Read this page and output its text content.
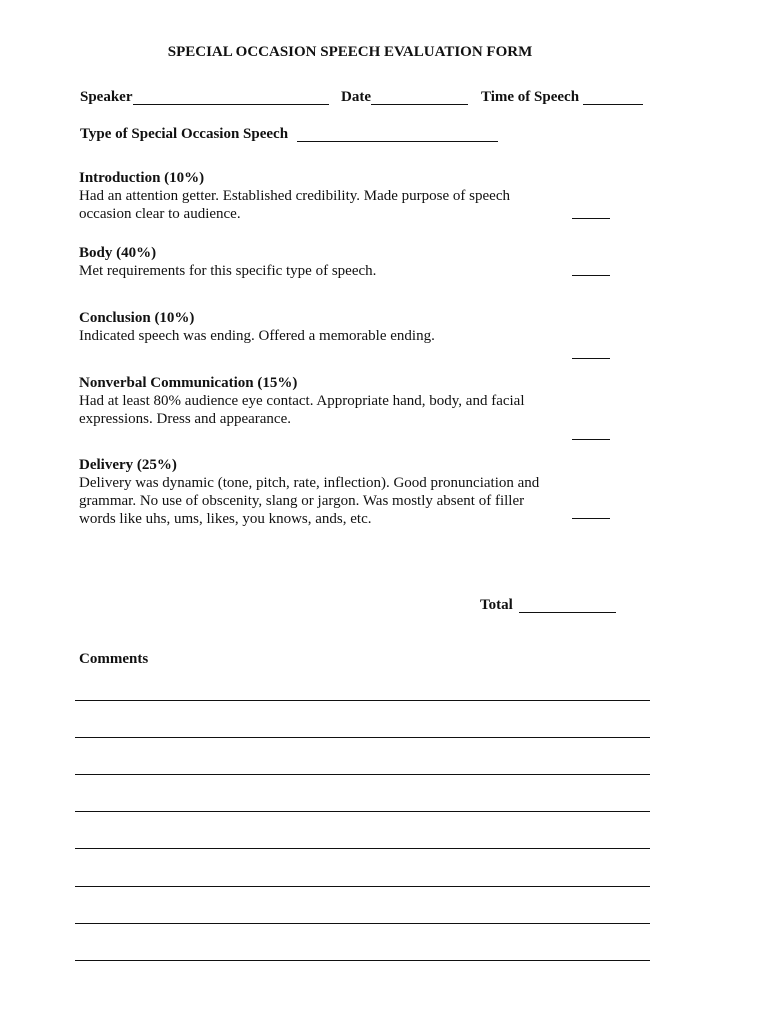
SPECIAL OCCASION SPEECH EVALUATION FORM
Speaker	Date	Time of Speech
Type of Special Occasion Speech
Introduction (10%)
Had an attention getter. Established credibility. Made purpose of speech occasion clear to audience.
Body (40%)
Met requirements for this specific type of speech.
Conclusion (10%)
Indicated speech was ending. Offered a memorable ending.
Nonverbal Communication (15%)
Had at least 80% audience eye contact. Appropriate hand, body, and facial expressions. Dress and appearance.
Delivery (25%)
Delivery was dynamic (tone, pitch, rate, inflection). Good pronunciation and grammar. No use of obscenity, slang or jargon. Was mostly absent of filler words like uhs, ums, likes, you knows, ands, etc.
Total
Comments
